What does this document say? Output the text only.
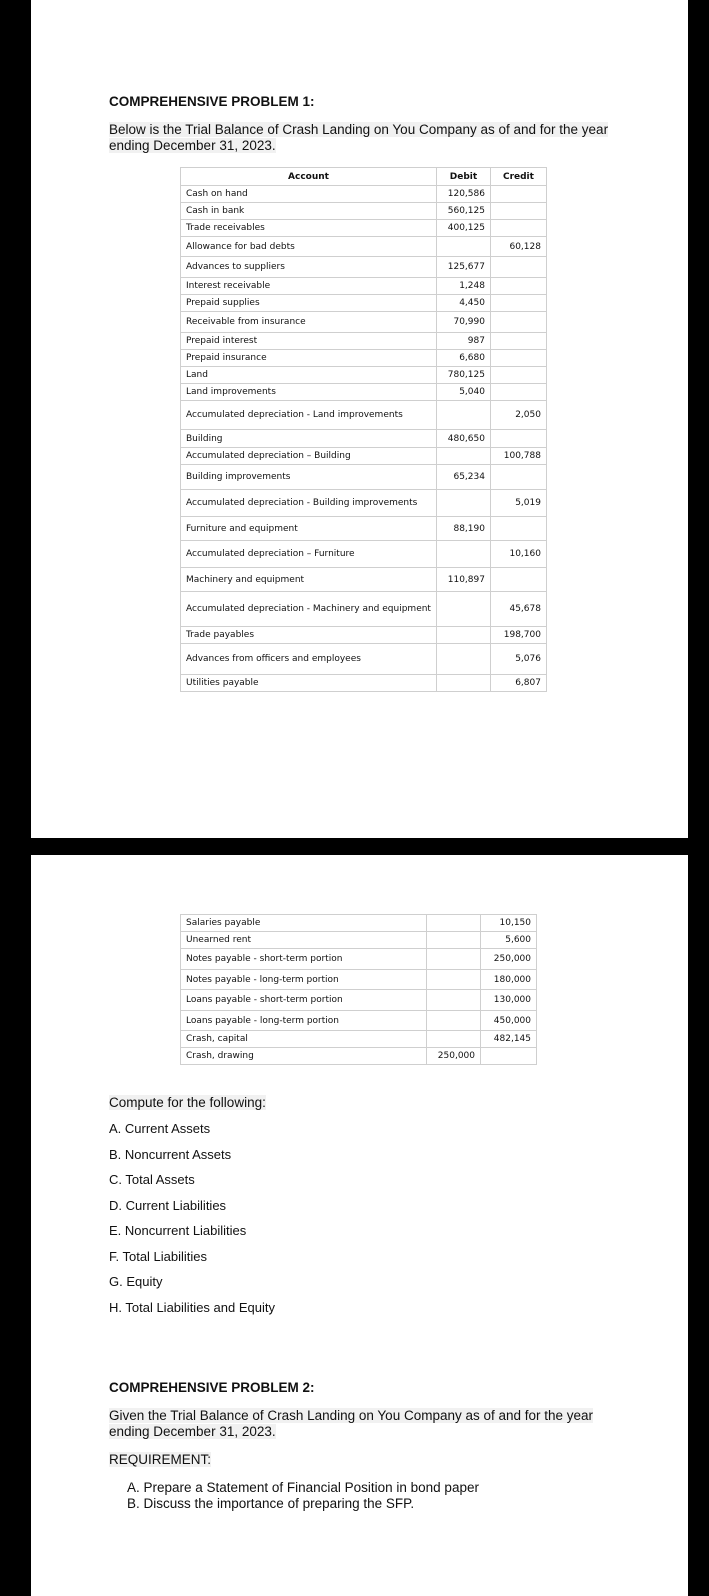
COMPREHENSIVE PROBLEM 1:
Below is the Trial Balance of Crash Landing on You Company as of and for the year ending December 31, 2023.
Account	Debit	Credit
Cash on hand	120,586	
Cash in bank	560,125	
Trade receivables	400,125	
Allowance for bad debts		60,128
Advances to suppliers	125,677	
Interest receivable	1,248	
Prepaid supplies	4,450	
Receivable from insurance	70,990	
Prepaid interest	987	
Prepaid insurance	6,680	
Land	780,125	
Land improvements	5,040	
Accumulated depreciation - Land improvements		2,050
Building	480,650	
Accumulated depreciation – Building		100,788
Building improvements	65,234	
Accumulated depreciation - Building improvements		5,019
Furniture and equipment	88,190	
Accumulated depreciation – Furniture		10,160
Machinery and equipment	110,897	
Accumulated depreciation - Machinery and equipment		45,678
Trade payables		198,700
Advances from officers and employees		5,076
Utilities payable		6,807
Salaries payable		10,150
Unearned rent		5,600
Notes payable - short-term portion		250,000
Notes payable - long-term portion		180,000
Loans payable - short-term portion		130,000
Loans payable - long-term portion		450,000
Crash, capital		482,145
Crash, drawing	250,000	
Compute for the following:
A. Current Assets
B. Noncurrent Assets
C. Total Assets
D. Current Liabilities
E. Noncurrent Liabilities
F. Total Liabilities
G. Equity
H. Total Liabilities and Equity
COMPREHENSIVE PROBLEM 2:
Given the Trial Balance of Crash Landing on You Company as of and for the year ending December 31, 2023.
REQUIREMENT:
A. Prepare a Statement of Financial Position in bond paper
B. Discuss the importance of preparing the SFP.
